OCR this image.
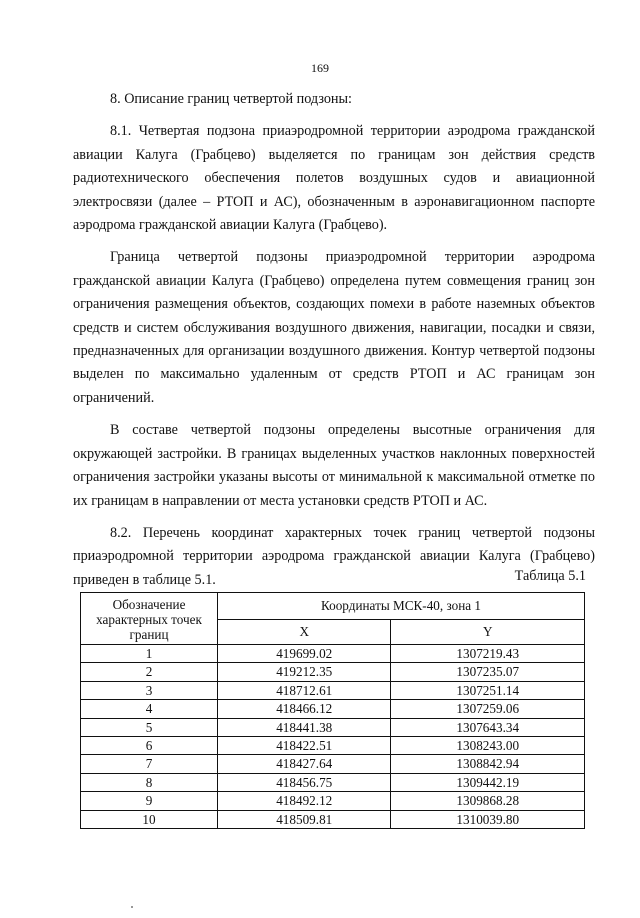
169

8. Описание границ четвертой подзоны:

8.1. Четвертая подзона приаэродромной территории аэродрома гражданской авиации Калуга (Грабцево) выделяется по границам зон действия средств радиотехнического обеспечения полетов воздушных судов и авиационной электросвязи (далее – РТОП и АС), обозначенным в аэронавигационном паспорте аэродрома гражданской авиации Калуга (Грабцево).

Граница четвертой подзоны приаэродромной территории аэродрома гражданской авиации Калуга (Грабцево) определена путем совмещения границ зон ограничения размещения объектов, создающих помехи в работе наземных объектов средств и систем обслуживания воздушного движения, навигации, посадки и связи, предназначенных для организации воздушного движения. Контур четвертой подзоны выделен по максимально удаленным от средств РТОП и АС границам зон ограничений.

В составе четвертой подзоны определены высотные ограничения для окружающей застройки. В границах выделенных участков наклонных поверхностей ограничения застройки указаны высоты от минимальной к максимальной отметке по их границам в направлении от места установки средств РТОП и АС.

8.2. Перечень координат характерных точек границ четвертой подзоны приаэродромной территории аэродрома гражданской авиации Калуга (Грабцево) приведен в таблице 5.1.	Таблица 5.1
Обозначение характерных точек границ	Координаты МСК-40, зона 1	
	X	Y
1	419699.02	1307219.43
2	419212.35	1307235.07
3	418712.61	1307251.14
4	418466.12	1307259.06
5	418441.38	1307643.34
6	418422.51	1308243.00
7	418427.64	1308842.94
8	418456.75	1309442.19
9	418492.12	1309868.28
10	418509.81	1310039.80
